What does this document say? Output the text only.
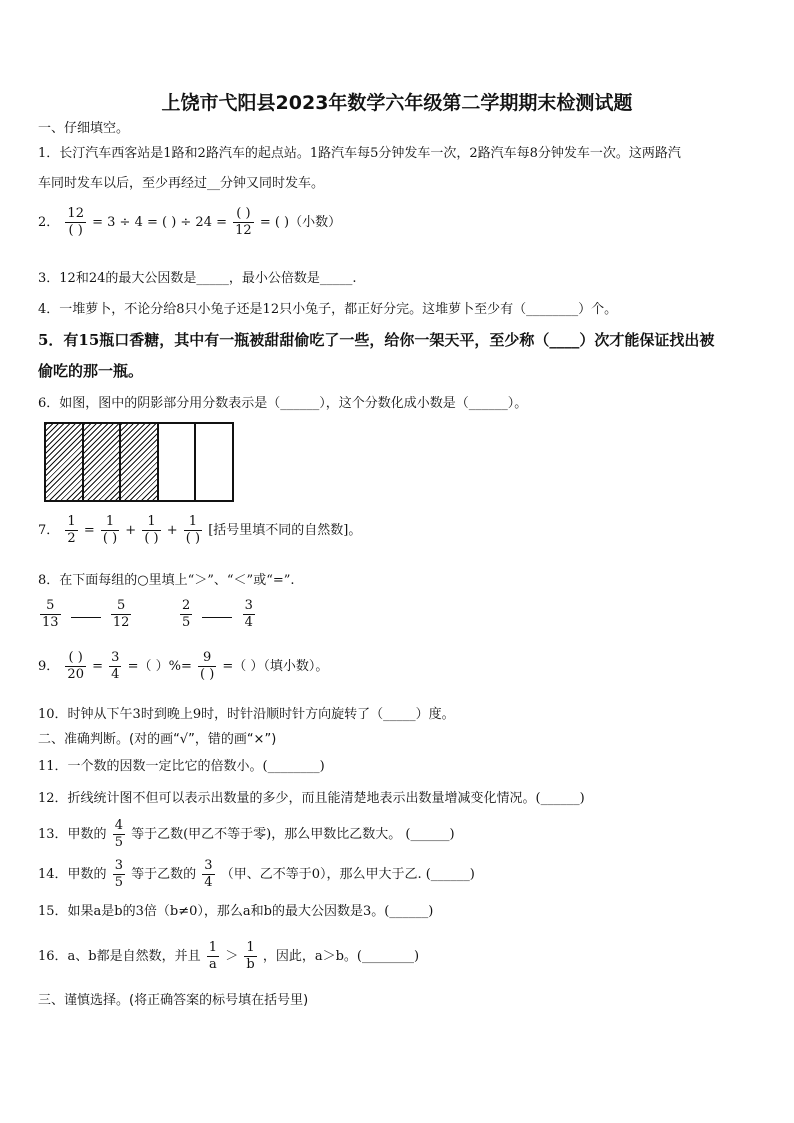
上饶市弋阳县2023年数学六年级第二学期期末检测试题
一、仔细填空。
1．长汀汽车西客站是1路和2路汽车的起点站。1路汽车每5分钟发车一次，2路汽车每8分钟发车一次。这两路汽
车同时发车以后，至少再经过__分钟又同时发车。
2． $\frac{12}{( )} = 3 \div 4$ = ( ) ÷ $24 = \frac{( )}{12}$ = ( )（小数）
3．12和24的最大公因数是_____，最小公倍数是_____.
4．一堆萝卜，不论分给8只小兔子还是12只小兔子，都正好分完。这堆萝卜至少有（________）个。
5．有15瓶口香糖，其中有一瓶被甜甜偷吃了一些，给你一架天平，至少称（____）次才能保证找出被
偷吃的那一瓶。
6．如图，图中的阴影部分用分数表示是（______），这个分数化成小数是（______）。
7． $\frac{1}{2} = \frac{1}{( )} + \frac{1}{( )} + \frac{1}{( )}$ [括号里填不同的自然数]。
8．在下面每组的○里填上“＞”、“＜”或“=”.
$\frac{5}{13}$
	$\frac{5}{12}$	$\frac{2}{5}$
	$\frac{3}{4}$
9． $\frac{( )}{20} = \frac{3}{4}$ =（ ）%= $\frac{9}{( )}$ =（ ）（填小数）。
10．时钟从下午3时到晚上9时，时针沿顺时针方向旋转了（_____）度。
二、准确判断。(对的画“√”，错的画“×”)
11．一个数的因数一定比它的倍数小。(________)
12．折线统计图不但可以表示出数量的多少，而且能清楚地表示出数量增减变化情况。(______)
13．甲数的 $\frac{4}{5}$ 等于乙数(甲乙不等于零)，那么甲数比乙数大。 (______)
14．甲数的 $\frac{3}{5}$ 等于乙数的 $\frac{3}{4}$ （甲、乙不等于0），那么甲大于乙. (______)
15．如果a是b的3倍（b≠0），那么a和b的最大公因数是3。(______)
16．a、b都是自然数，并且 $\frac{1}{a} > \frac{1}{b}$ ，因此，a＞b。(________)
三、谨慎选择。(将正确答案的标号填在括号里)
